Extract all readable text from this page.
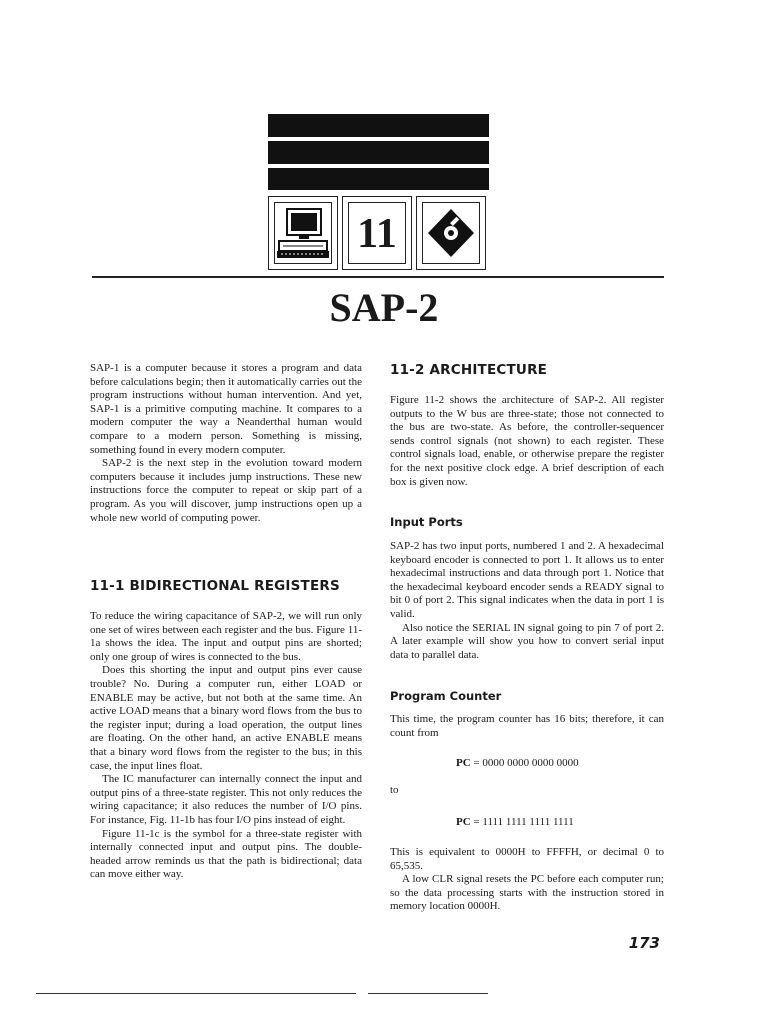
11
SAP-2

SAP-1 is a computer because it stores a program and data before calculations begin; then it automatically carries out the program instructions without human intervention. And yet, SAP-1 is a primitive computing machine. It compares to a modern computer the way a Neanderthal human would compare to a modern person. Something is missing, something found in every modern computer.

SAP-2 is the next step in the evolution toward modern computers because it includes jump instructions. These new instructions force the computer to repeat or skip part of a program. As you will discover, jump instructions open up a whole new world of computing power.

11-1 BIDIRECTIONAL REGISTERS

To reduce the wiring capacitance of SAP-2, we will run only one set of wires between each register and the bus. Figure 11-1a shows the idea. The input and output pins are shorted; only one group of wires is connected to the bus.

Does this shorting the input and output pins ever cause trouble? No. During a computer run, either LOAD or ENABLE may be active, but not both at the same time. An active LOAD means that a binary word flows from the bus to the register input; during a load operation, the output lines are floating. On the other hand, an active ENABLE means that a binary word flows from the register to the bus; in this case, the input lines float.

The IC manufacturer can internally connect the input and output pins of a three-state register. This not only reduces the wiring capacitance; it also reduces the number of I/O pins. For instance, Fig. 11-1b has four I/O pins instead of eight.

Figure 11-1c is the symbol for a three-state register with internally connected input and output pins. The double-headed arrow reminds us that the path is bidirectional; data can move either way.

11-2 ARCHITECTURE

Figure 11-2 shows the architecture of SAP-2. All register outputs to the W bus are three-state; those not connected to the bus are two-state. As before, the controller-sequencer sends control signals (not shown) to each register. These control signals load, enable, or otherwise prepare the register for the next positive clock edge. A brief description of each box is given now.

Input Ports

SAP-2 has two input ports, numbered 1 and 2. A hexadecimal keyboard encoder is connected to port 1. It allows us to enter hexadecimal instructions and data through port 1. Notice that the hexadecimal keyboard encoder sends a READY signal to bit 0 of port 2. This signal indicates when the data in port 1 is valid.

Also notice the SERIAL IN signal going to pin 7 of port 2. A later example will show you how to convert serial input data to parallel data.

Program Counter

This time, the program counter has 16 bits; therefore, it can count from

PC = 0000 0000 0000 0000

to

PC = 1111 1111 1111 1111

This is equivalent to 0000H to FFFFH, or decimal 0 to 65,535.

A low CLR signal resets the PC before each computer run; so the data processing starts with the instruction stored in memory location 0000H.

173
